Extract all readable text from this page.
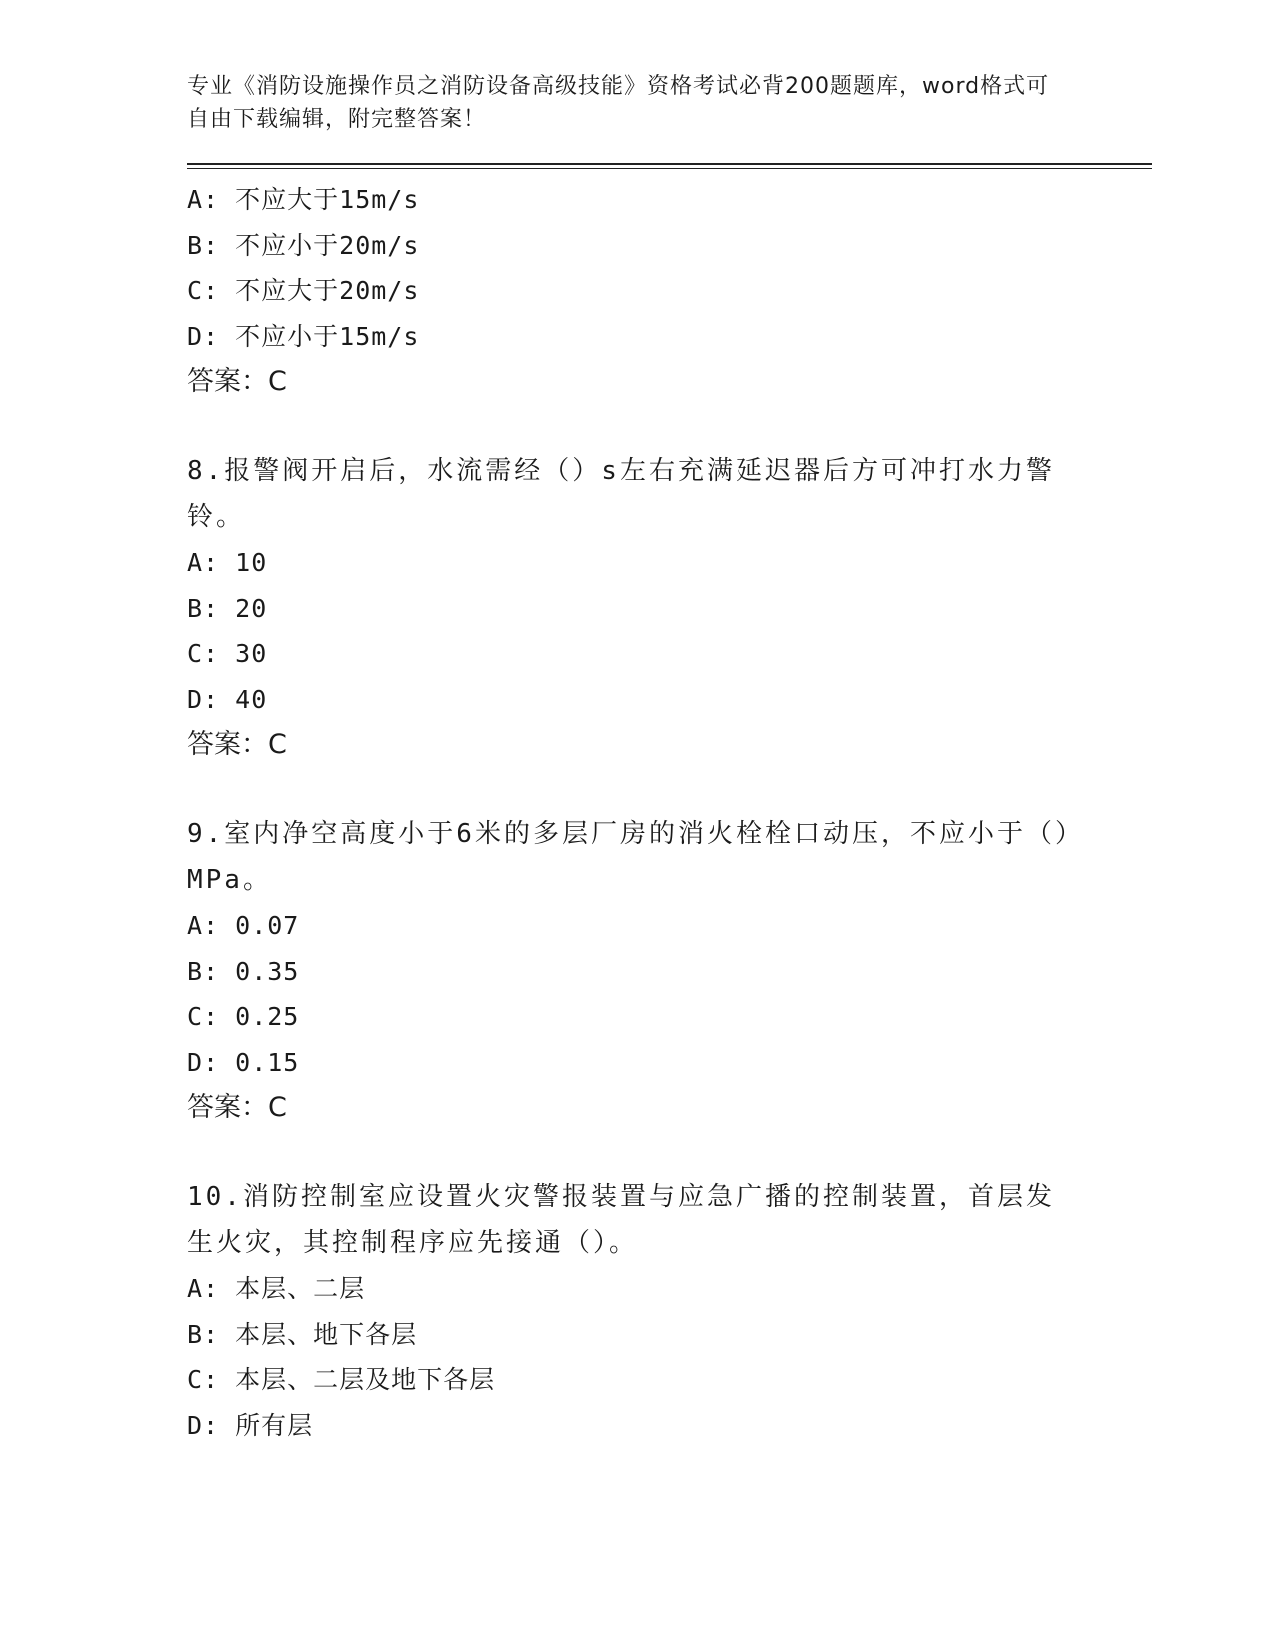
专业《消防设施操作员之消防设备高级技能》资格考试必背200题题库，word格式可自由下载编辑，附完整答案！

A: 不应大于15m/s
B: 不应小于20m/s
C: 不应大于20m/s
D: 不应小于15m/s
答案：C
8.报警阀开启后，水流需经（）s左右充满延迟器后方可冲打水力警铃。
A: 10
B: 20
C: 30
D: 40
答案：C
9.室内净空高度小于6米的多层厂房的消火栓栓口动压，不应小于（）MPa。
A: 0.07
B: 0.35
C: 0.25
D: 0.15
答案：C
10.消防控制室应设置火灾警报装置与应急广播的控制装置，首层发生火灾，其控制程序应先接通（）。
A: 本层、二层
B: 本层、地下各层
C: 本层、二层及地下各层
D: 所有层
